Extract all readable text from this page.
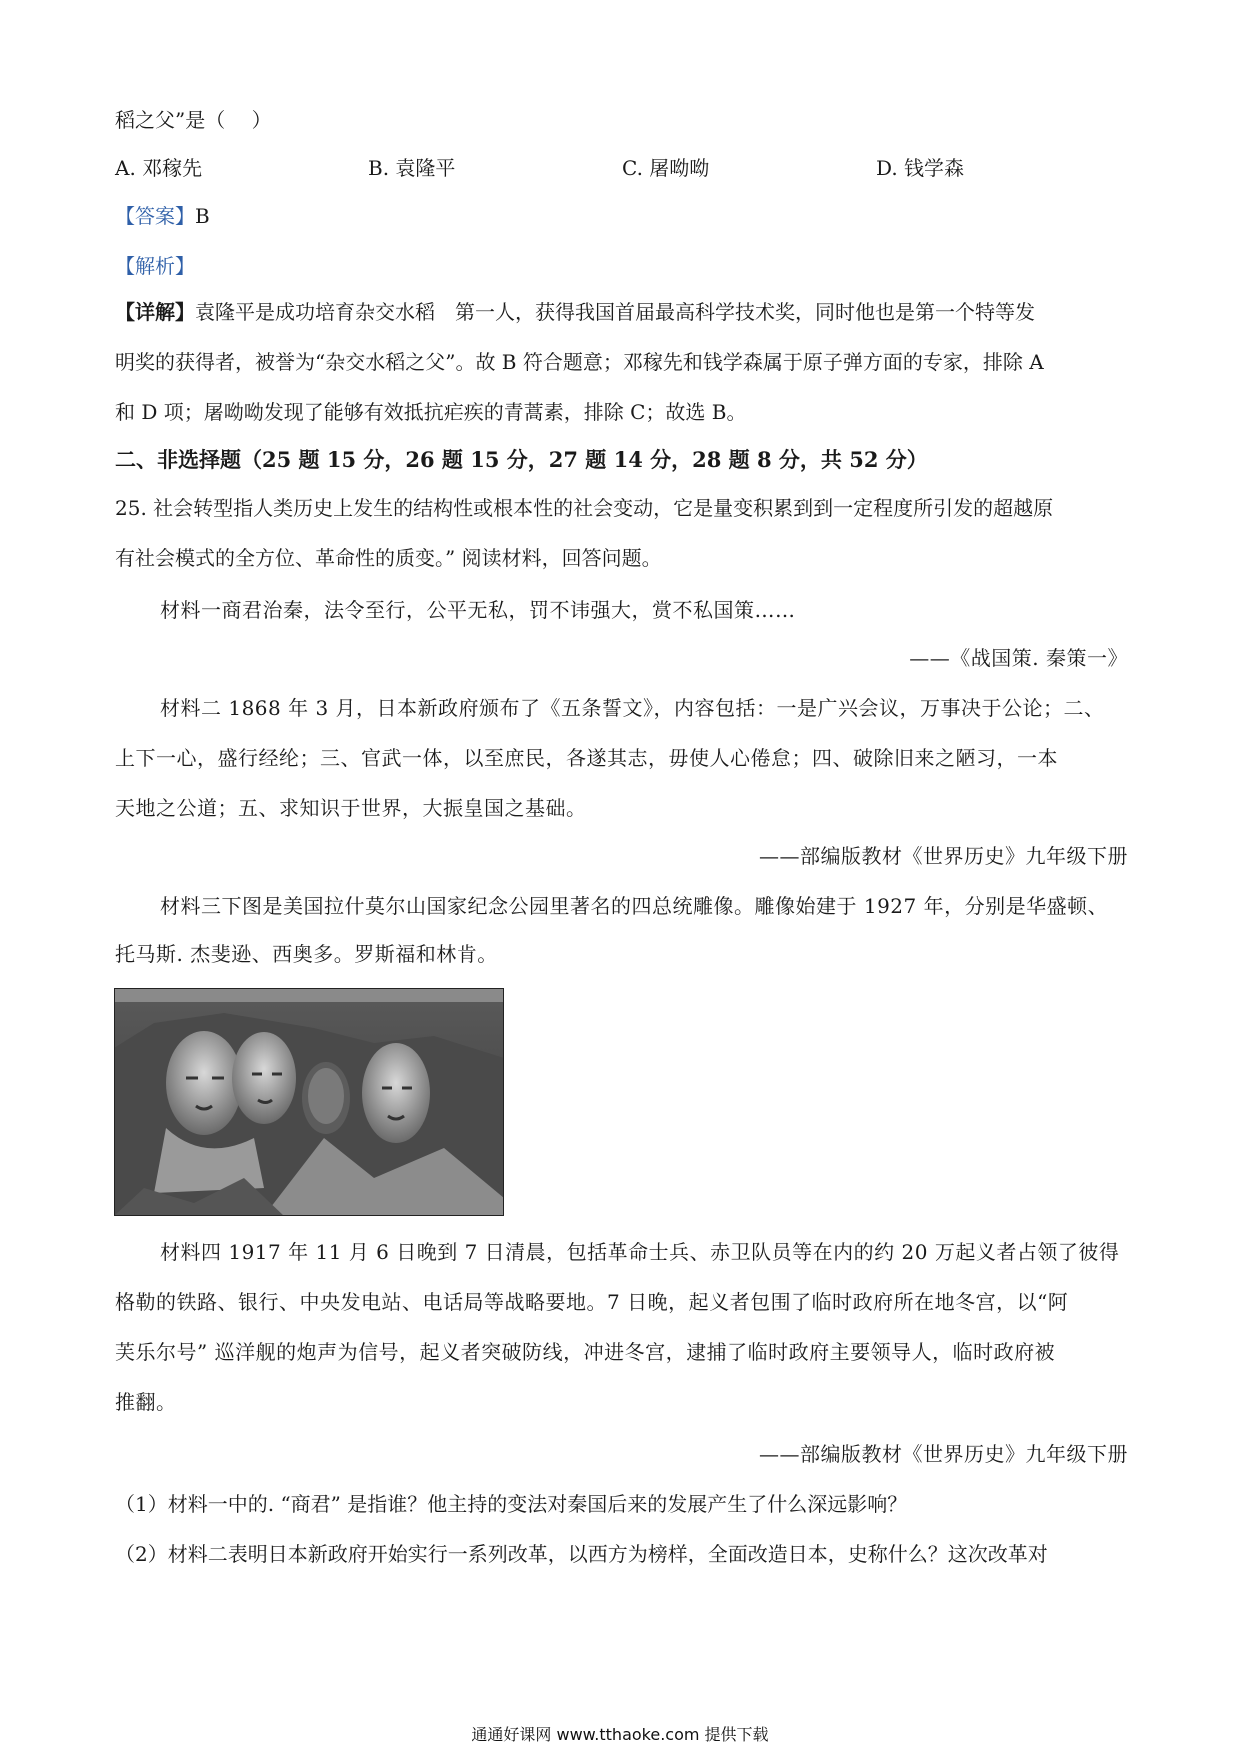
稻之父”是（　 ）
A. 邓稼先	B. 袁隆平	C. 屠呦呦	D. 钱学森
【答案】B
【解析】
【详解】袁隆平是成功培育杂交水稻　第一人，获得我国首届最高科学技术奖，同时他也是第一个特等发
明奖的获得者，被誉为“杂交水稻之父”。故 B 符合题意；邓稼先和钱学森属于原子弹方面的专家，排除 A
和 D 项；屠呦呦发现了能够有效抵抗疟疾的青蒿素，排除 C；故选 B。
二、非选择题（25 题 15 分，26 题 15 分，27 题 14 分，28 题 8 分，共 52 分）
25. 社会转型指人类历史上发生的结构性或根本性的社会变动，它是量变积累到到一定程度所引发的超越原
有社会模式的全方位、革命性的质变。” 阅读材料，回答问题。
材料一商君治秦，法令至行，公平无私，罚不讳强大，赏不私国策……
——《战国策. 秦策一》
材料二 1868 年 3 月，日本新政府颁布了《五条誓文》，内容包括：一是广兴会议，万事决于公论；二、
上下一心，盛行经纶；三、官武一体，以至庶民，各遂其志，毋使人心倦怠；四、破除旧来之陋习，一本
天地之公道；五、求知识于世界，大振皇国之基础。
——部编版教材《世界历史》九年级下册
材料三下图是美国拉什莫尔山国家纪念公园里著名的四总统雕像。雕像始建于 1927 年，分别是华盛顿、
托马斯. 杰斐逊、西奥多。罗斯福和林肯。
材料四 1917 年 11 月 6 日晚到 7 日清晨，包括革命士兵、赤卫队员等在内的约 20 万起义者占领了彼得
格勒的铁路、银行、中央发电站、电话局等战略要地。7 日晚，起义者包围了临时政府所在地冬宫，以“阿
芙乐尔号” 巡洋舰的炮声为信号，起义者突破防线，冲进冬宫，逮捕了临时政府主要领导人，临时政府被
推翻。
——部编版教材《世界历史》九年级下册
（1）材料一中的. “商君” 是指谁？他主持的变法对秦国后来的发展产生了什么深远影响？
（2）材料二表明日本新政府开始实行一系列改革，以西方为榜样，全面改造日本，史称什么？这次改革对
通通好课网 www.tthaoke.com 提供下载
